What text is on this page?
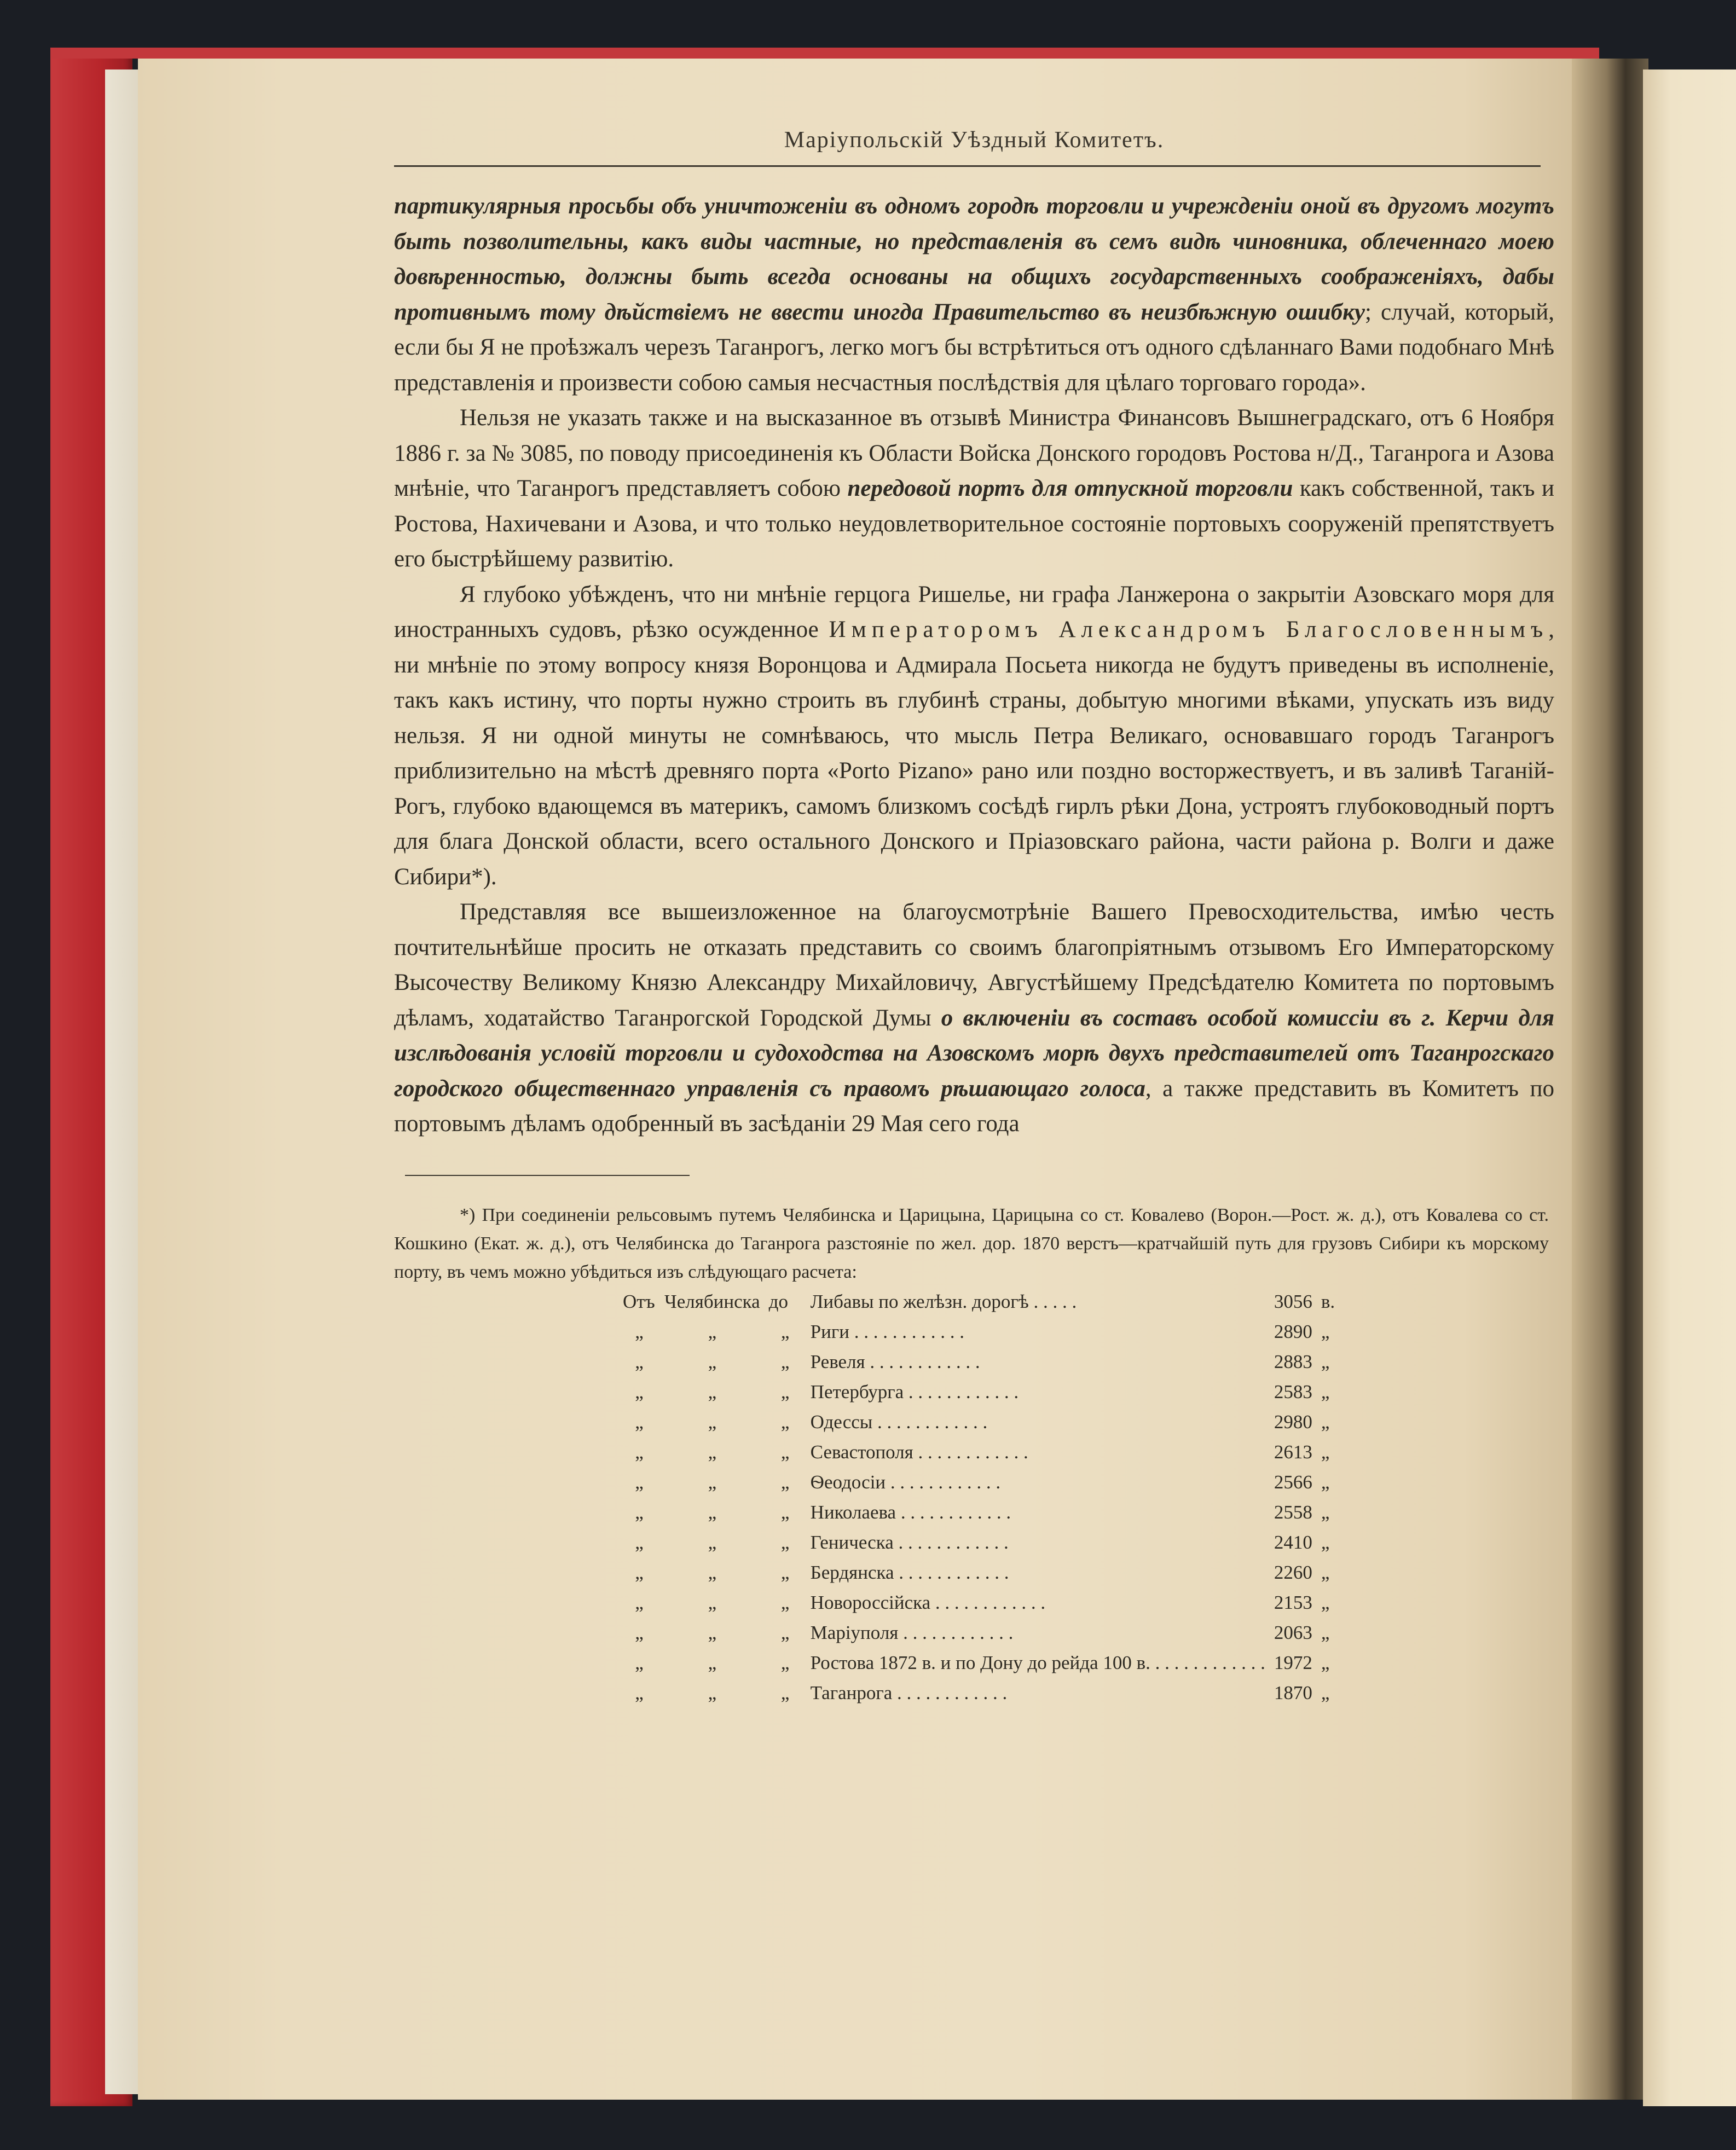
Маріупольскій Уѣздный Комитетъ.

партикулярныя просьбы объ уничтоженіи въ одномъ городѣ торговли и учрежденіи оной въ другомъ могутъ быть позволительны, какъ виды частные, но представленія въ семъ видѣ чиновника, облеченнаго моею довѣренностью, должны быть всегда основаны на общихъ государственныхъ соображеніяхъ, дабы противнымъ тому дѣйствіемъ не ввести иногда Правительство въ неизбѣжную ошибку; случай, который, если бы Я не проѣзжалъ черезъ Таганрогъ, легко могъ бы встрѣтиться отъ одного сдѣланнаго Вами подобнаго Мнѣ представленія и произвести собою самыя несчастныя послѣдствія для цѣлаго торговаго города».

Нельзя не указать также и на высказанное въ отзывѣ Министра Финансовъ Вышнеградскаго, отъ 6 Ноября 1886 г. за № 3085, по поводу присоединенія къ Области Войска Донского городовъ Ростова н/Д., Таганрога и Азова мнѣніе, что Таганрогъ представляетъ собою передовой портъ для отпускной торговли какъ собственной, такъ и Ростова, Нахичевани и Азова, и что только неудовлетворительное состояніе портовыхъ сооруженій препятствуетъ его быстрѣйшему развитію.

Я глубоко убѣжденъ, что ни мнѣніе герцога Ришелье, ни графа Ланжерона о закрытіи Азовскаго моря для иностранныхъ судовъ, рѣзко осужденное Императоромъ Александромъ Благословеннымъ, ни мнѣніе по этому вопросу князя Воронцова и Адмирала Посьета никогда не будутъ приведены въ исполненіе, такъ какъ истину, что порты нужно строить въ глубинѣ страны, добытую многими вѣками, упускать изъ виду нельзя. Я ни одной минуты не сомнѣваюсь, что мысль Петра Великаго, основавшаго городъ Таганрогъ приблизительно на мѣстѣ древняго порта «Porto Pizano» рано или поздно восторжествуетъ, и въ заливѣ Таганій-Рогъ, глубоко вдающемся въ материкъ, самомъ близкомъ сосѣдѣ гирлъ рѣки Дона, устроятъ глубоководный портъ для блага Донской области, всего остального Донского и Пріазовскаго района, части района р. Волги и даже Сибири*).

Представляя все вышеизложенное на благоусмотрѣніе Вашего Превосходительства, имѣю честь почтительнѣйше просить не отказать представить со своимъ благопріятнымъ отзывомъ Его Императорскому Высочеству Великому Князю Александру Михайловичу, Августѣйшему Предсѣдателю Комитета по портовымъ дѣламъ, ходатайство Таганрогской Городской Думы о включеніи въ составъ особой комиссіи въ г. Керчи для изслѣдованія условій торговли и судоходства на Азовскомъ морѣ двухъ представителей отъ Таганрогскаго городского общественнаго управленія съ правомъ рѣшающаго голоса, а также представить въ Комитетъ по портовымъ дѣламъ одобренный въ засѣданіи 29 Мая сего года

*) При соединеніи рельсовымъ путемъ Челябинска и Царицына, Царицына со ст. Ковалево (Ворон.—Рост. ж. д.), отъ Ковалева со ст. Кошкино (Екат. ж. д.), отъ Челябинска до Таганрога разстояніе по жел. дор. 1870 верстъ—кратчайшій путь для грузовъ Сибири къ морскому порту, въ чемъ можно убѣдиться изъ слѣдующаго расчета:

Отъ	Челябинска	до	Либавы по желѣзн. дорогѣ . . . . .	3056	в.
„	„	„	Риги . . . . . . . . . . . .	2890	„
„	„	„	Ревеля . . . . . . . . . . . .	2883	„
„	„	„	Петербурга . . . . . . . . . . . .	2583	„
„	„	„	Одессы . . . . . . . . . . . .	2980	„
„	„	„	Севастополя . . . . . . . . . . . .	2613	„
„	„	„	Ѳеодосіи . . . . . . . . . . . .	2566	„
„	„	„	Николаева . . . . . . . . . . . .	2558	„
„	„	„	Геническа . . . . . . . . . . . .	2410	„
„	„	„	Бердянска . . . . . . . . . . . .	2260	„
„	„	„	Новороссійска . . . . . . . . . . . .	2153	„
„	„	„	Маріуполя . . . . . . . . . . . .	2063	„
„	„	„	Ростова 1872 в. и по Дону до рейда 100 в. . . . . . . . . . . . .	1972	„
„	„	„	Таганрога . . . . . . . . . . . .	1870	„
